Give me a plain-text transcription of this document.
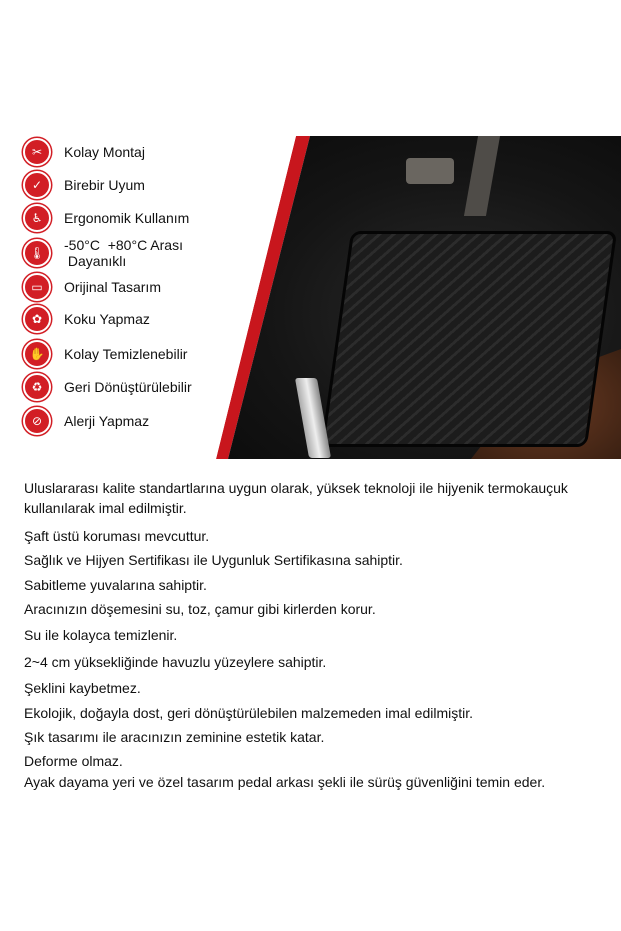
✂	Kolay Montaj
✓	Birebir Uyum
♿	Ergonomik Kullanım
🌡	-50°C  +80°C Arası
Dayanıklı
▭	Orijinal Tasarım
✿	Koku Yapmaz
✋	Kolay Temizlenebilir
♻	Geri Dönüştürülebilir
⊘	Alerji Yapmaz
Uluslararası kalite standartlarına uygun olarak, yüksek teknoloji ile hijyenik termokauçuk
kullanılarak imal edilmiştir.
Şaft üstü koruması mevcuttur.
Sağlık ve Hijyen Sertifikası ile Uygunluk Sertifikasına sahiptir.
Sabitleme yuvalarına sahiptir.
Aracınızın döşemesini su, toz, çamur gibi kirlerden korur.
Su ile kolayca temizlenir.
2~4 cm yüksekliğinde havuzlu yüzeylere sahiptir.
Şeklini kaybetmez.
Ekolojik, doğayla dost, geri dönüştürülebilen malzemeden imal edilmiştir.
Şık tasarımı ile aracınızın zeminine estetik katar.
Deforme olmaz.
Ayak dayama yeri ve özel tasarım pedal arkası şekli ile sürüş güvenliğini temin eder.
